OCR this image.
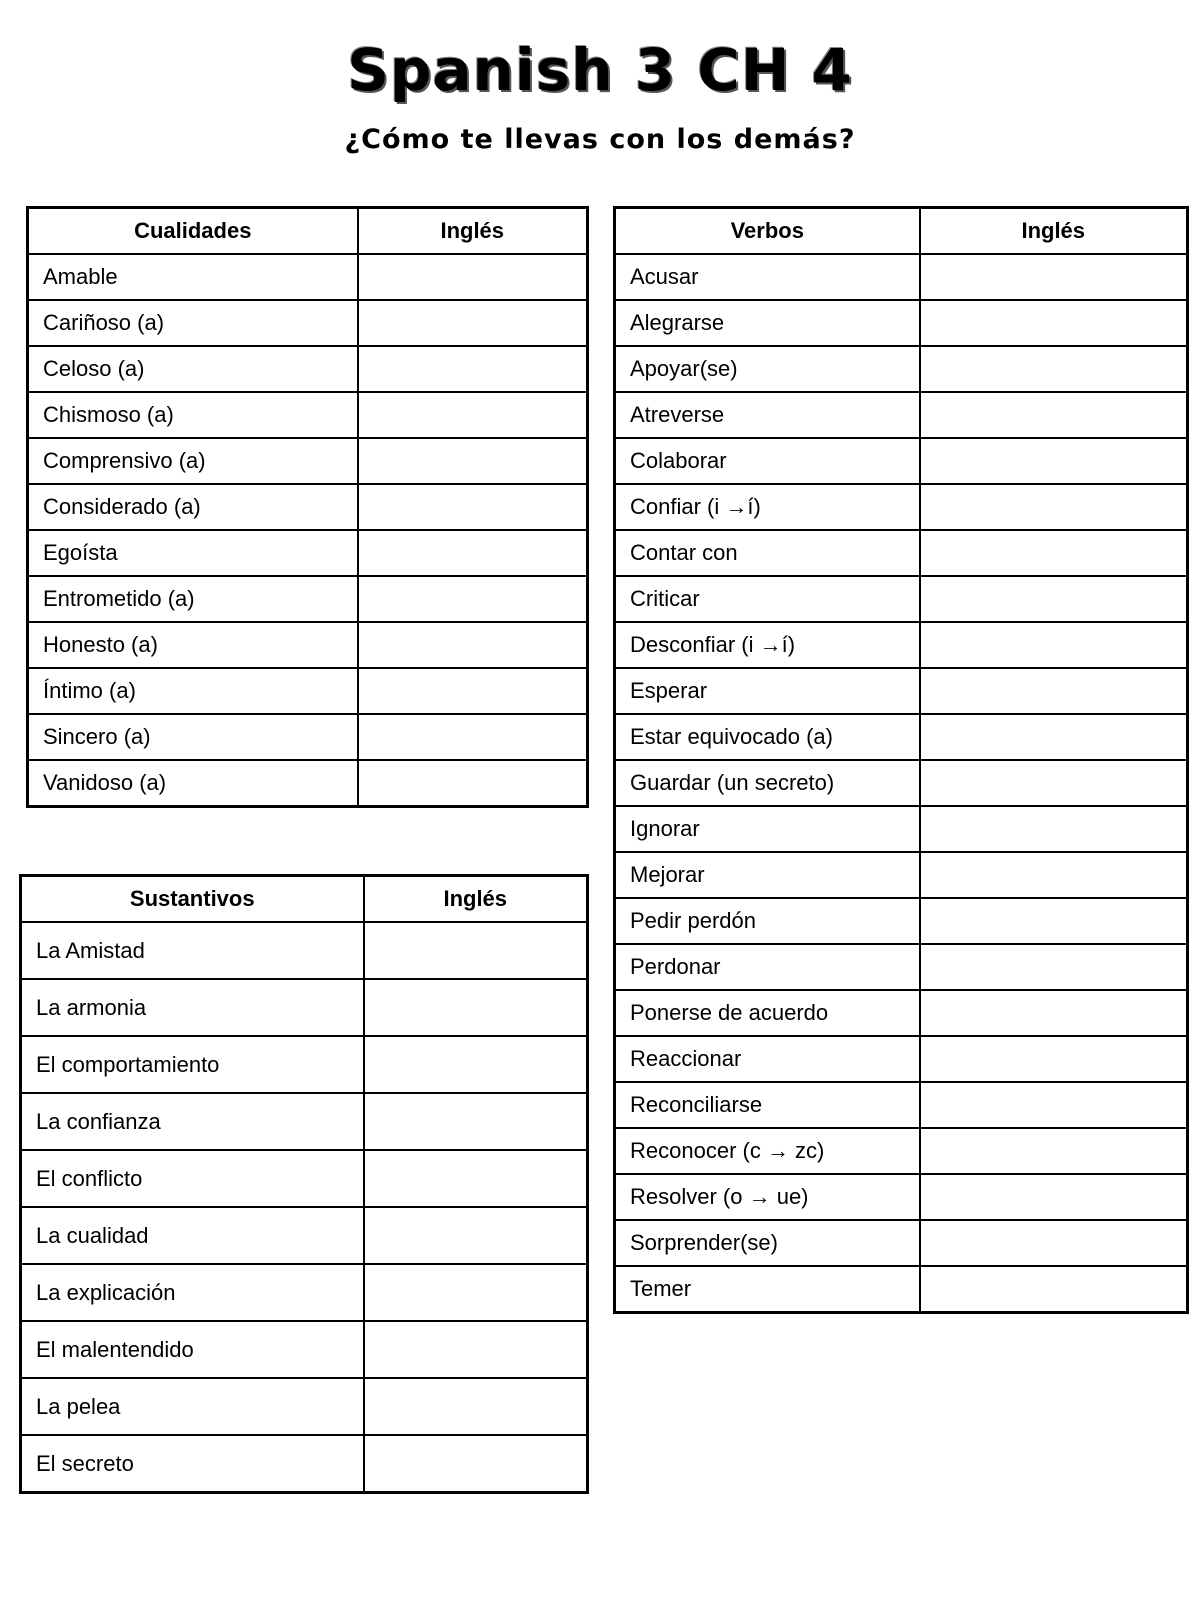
Spanish 3 CH 4
¿Cómo te llevas con los demás?
Cualidades	Inglés
Amable	
Cariñoso (a)	
Celoso (a)	
Chismoso (a)	
Comprensivo (a)	
Considerado (a)	
Egoísta	
Entrometido (a)	
Honesto (a)	
Íntimo (a)	
Sincero (a)	
Vanidoso (a)	
Sustantivos	Inglés
La Amistad	
La armonia	
El comportamiento	
La confianza	
El conflicto	
La cualidad	
La explicación	
El malentendido	
La pelea	
El secreto	
Verbos	Inglés
Acusar	
Alegrarse	
Apoyar(se)	
Atreverse	
Colaborar	
Confiar (i →í)	
Contar con	
Criticar	
Desconfiar (i →í)	
Esperar	
Estar equivocado (a)	
Guardar (un secreto)	
Ignorar	
Mejorar	
Pedir perdón	
Perdonar	
Ponerse de acuerdo	
Reaccionar	
Reconciliarse	
Reconocer (c → zc)	
Resolver (o → ue)	
Sorprender(se)	
Temer	
